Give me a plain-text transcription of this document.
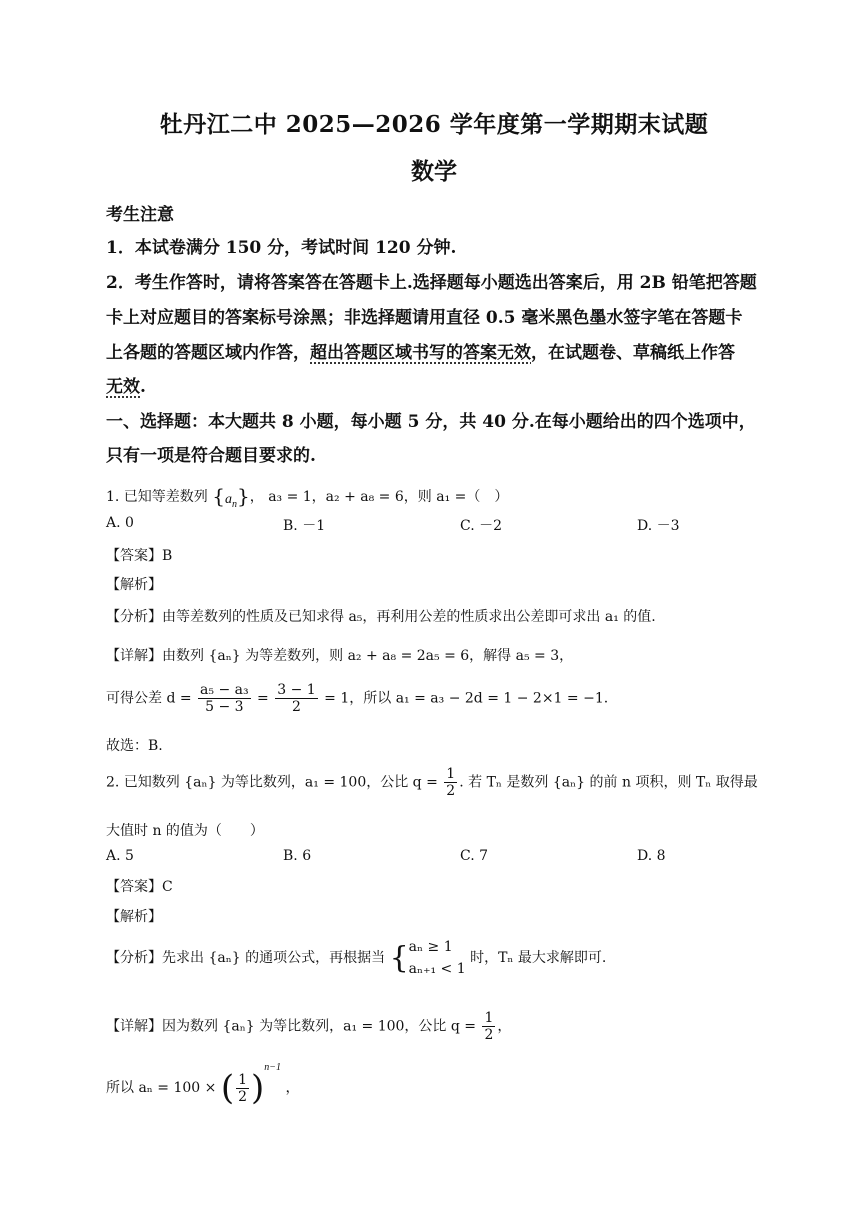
牡丹江二中 2025—2026 学年度第一学期期末试题
数学
考生注意
1．本试卷满分 150 分，考试时间 120 分钟.
2．考生作答时，请将答案答在答题卡上.选择题每小题选出答案后，用 2B 铅笔把答题
卡上对应题目的答案标号涂黑；非选择题请用直径 0.5 毫米黑色墨水签字笔在答题卡
上各题的答题区域内作答，超出答题区域书写的答案无效，在试题卷、草稿纸上作答
无效.
一、选择题：本大题共 8 小题，每小题 5 分，共 40 分.在每小题给出的四个选项中，
只有一项是符合题目要求的.
1. 已知等差数列 $\{a_n\}$， a₃ = 1，a₂ + a₈ = 6，则 a₁ =（　）
A. 0	B. －1	C. －2	D. －3
【答案】B
【解析】
【分析】由等差数列的性质及已知求得 a₅，再利用公差的性质求出公差即可求出 a₁ 的值.
【详解】由数列 {aₙ} 为等差数列，则 a₂ + a₈ = 2a₅ = 6，解得 a₅ = 3，
可得公差 $d = \frac{\text{a₅ − a₃}}{5 - 3} = \frac{3 - 1}{2} = 1$，所以 a₁ = a₃ − 2d = 1 − 2×1 = −1.
故选：B.
2. 已知数列 {aₙ} 为等比数列，a₁ = 100，公比 $q = \frac{1}{2}$ . 若 Tₙ 是数列 {aₙ} 的前 n 项积，则 Tₙ 取得最
大值时 n 的值为（　　）
A. 5	B. 6	C. 7	D. 8
【答案】C
【解析】
【分析】先求出 {aₙ} 的通项公式，再根据当 { aₙ ≥ 1
aₙ₊₁ < 1
时，Tₙ 最大求解即可.
【详解】因为数列 {aₙ} 为等比数列，a₁ = 100，公比 $q = \frac{1}{2}$ ，
所以 aₙ = 100 × ( $\frac{1}{2} )^{n-1}$ ，
